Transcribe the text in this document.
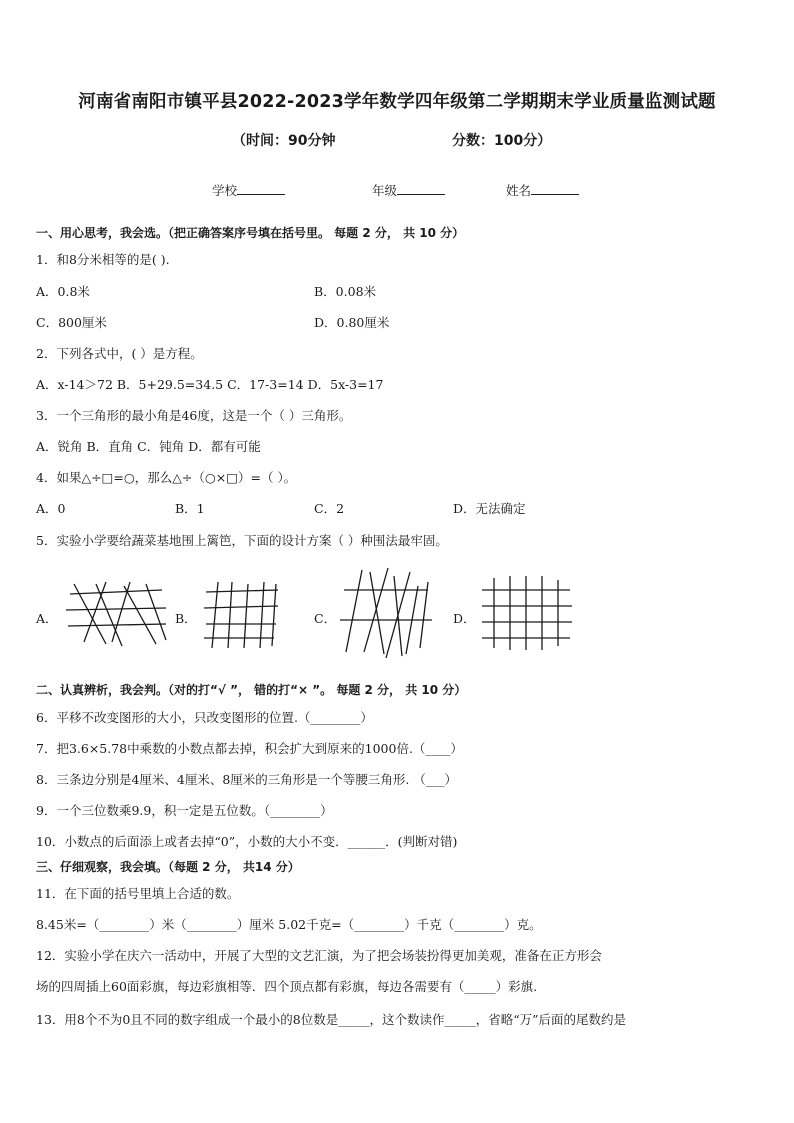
河南省南阳市镇平县2022-2023学年数学四年级第二学期期末学业质量监测试题
（时间：90分钟	分数：100分）
学校	年级	姓名
一、用心思考，我会选。（把正确答案序号填在括号里。 每题 2 分， 共 10 分）
1．和8分米相等的是( ).
A．0.8米	B．0.08米
C．800厘米	D．0.80厘米
2．下列各式中，( ）是方程。
A．x-14＞72 B．5+29.5=34.5 C．17-3=14 D．5x-3=17
3．一个三角形的最小角是46度，这是一个（ ）三角形。
A．锐角 B．直角 C．钝角 D．都有可能
4．如果△÷□=○，那么△÷（○×□）=（ ）。
A．0	B．1	C．2	D．无法确定
5．实验小学要给蔬菜基地围上篱笆，下面的设计方案（ ）种围法最牢固。
A．	B．	C．	D．
二、认真辨析，我会判。（对的打“√ ”， 错的打“× ”。 每题 2 分， 共 10 分）
6．平移不改变图形的大小，只改变图形的位置.（________）
7．把3.6×5.78中乘数的小数点都去掉，积会扩大到原来的1000倍.（____）
8．三条边分别是4厘米、4厘米、8厘米的三角形是一个等腰三角形. （___）
9．一个三位数乘9.9，积一定是五位数。（________）
10．小数点的后面添上或者去掉“0”，小数的大小不变．______．(判断对错)
三、仔细观察，我会填。（每题 2 分， 共14 分）
11．在下面的括号里填上合适的数。
8.45米=（________）米（________）厘米 5.02千克=（________）千克（________）克。
12．实验小学在庆六一活动中，开展了大型的文艺汇演，为了把会场装扮得更加美观，准备在正方形会
场的四周插上60面彩旗，每边彩旗相等．四个顶点都有彩旗，每边各需要有（_____）彩旗.
13．用8个不为0且不同的数字组成一个最小的8位数是_____，这个数读作_____，省略“万”后面的尾数约是
